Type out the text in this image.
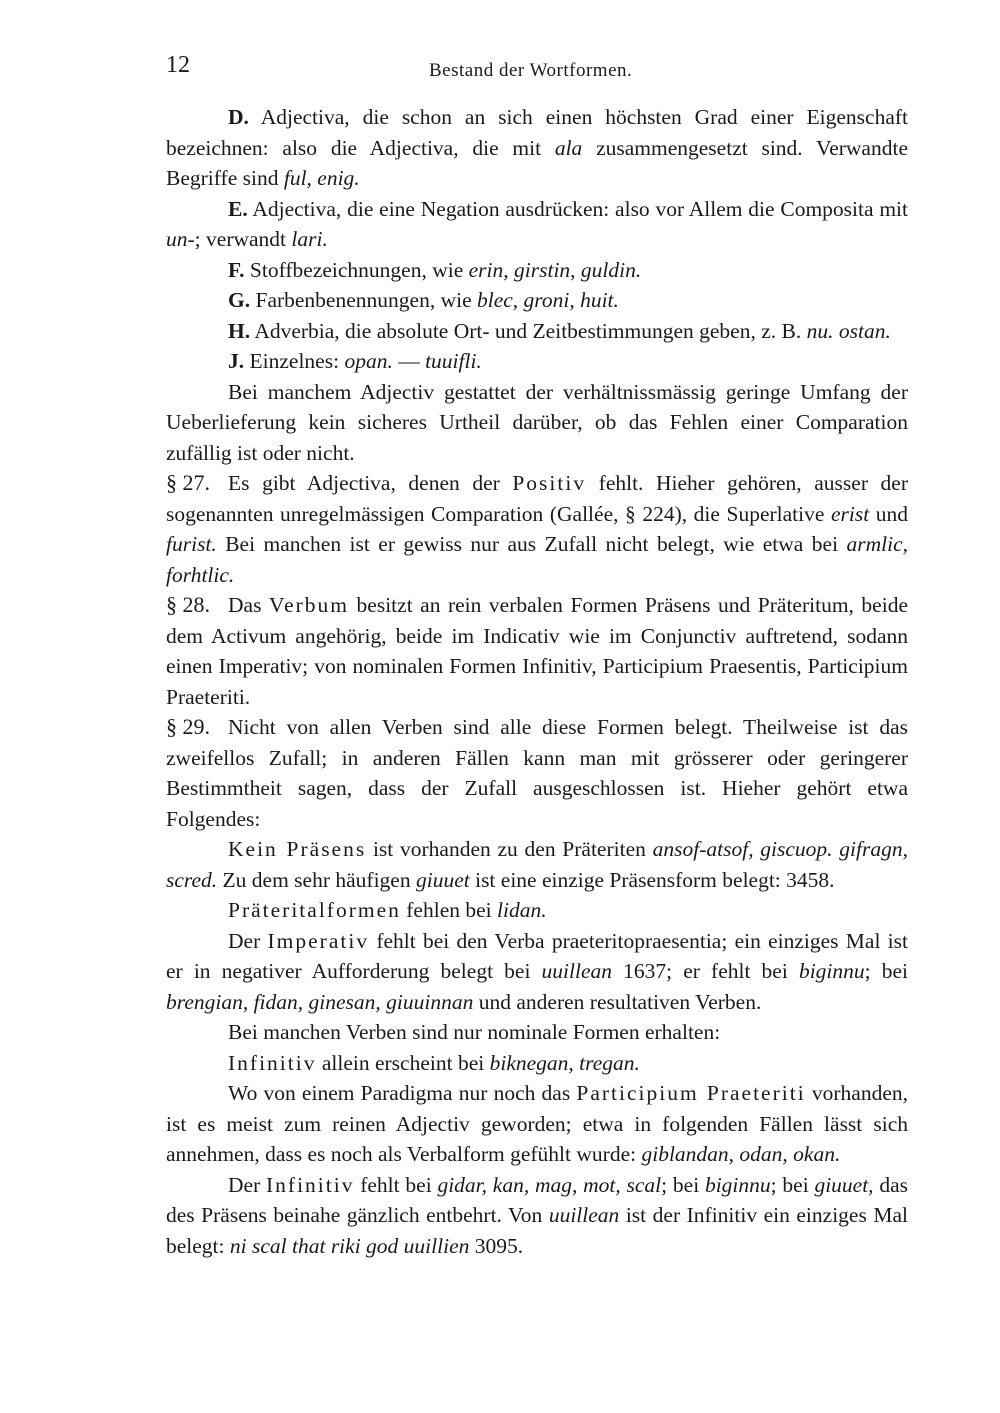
12	Bestand der Wortformen.

D. Adjectiva, die schon an sich einen höchsten Grad einer Eigenschaft bezeichnen: also die Adjectiva, die mit ala zusammengesetzt sind. Verwandte Begriffe sind ful, enig.

E. Adjectiva, die eine Negation ausdrücken: also vor Allem die Composita mit un-; verwandt lari.

F. Stoffbezeichnungen, wie erin, girstin, guldin.

G. Farbenbenennungen, wie blec, groni, huit.

H. Adverbia, die absolute Ort- und Zeitbestimmungen geben, z. B. nu. ostan.

J. Einzelnes: opan. — tuuifli.

Bei manchem Adjectiv gestattet der verhältnissmässig geringe Umfang der Ueberlieferung kein sicheres Urtheil darüber, ob das Fehlen einer Comparation zufällig ist oder nicht.

§ 27. Es gibt Adjectiva, denen der Positiv fehlt. Hieher gehören, ausser der sogenannten unregelmässigen Comparation (Gallée, § 224), die Superlative erist und furist. Bei manchen ist er gewiss nur aus Zufall nicht belegt, wie etwa bei armlic, forhtlic.

§ 28. Das Verbum besitzt an rein verbalen Formen Präsens und Präteritum, beide dem Activum angehörig, beide im Indicativ wie im Conjunctiv auftretend, sodann einen Imperativ; von nominalen Formen Infinitiv, Participium Praesentis, Participium Praeteriti.

§ 29. Nicht von allen Verben sind alle diese Formen belegt. Theilweise ist das zweifellos Zufall; in anderen Fällen kann man mit grösserer oder geringerer Bestimmtheit sagen, dass der Zufall ausgeschlossen ist. Hieher gehört etwa Folgendes:

Kein Präsens ist vorhanden zu den Präteriten ansof-atsof, giscuop. gifragn, scred. Zu dem sehr häufigen giuuet ist eine einzige Präsensform belegt: 3458.

Präteritalformen fehlen bei lidan.

Der Imperativ fehlt bei den Verba praeteritopraesentia; ein einziges Mal ist er in negativer Aufforderung belegt bei uuillean 1637; er fehlt bei biginnu; bei brengian, fidan, ginesan, giuuinnan und anderen resultativen Verben.

Bei manchen Verben sind nur nominale Formen erhalten:

Infinitiv allein erscheint bei biknegan, tregan.

Wo von einem Paradigma nur noch das Participium Praeteriti vorhanden, ist es meist zum reinen Adjectiv geworden; etwa in folgenden Fällen lässt sich annehmen, dass es noch als Verbalform gefühlt wurde: giblandan, odan, okan.

Der Infinitiv fehlt bei gidar, kan, mag, mot, scal; bei biginnu; bei giuuet, das des Präsens beinahe gänzlich entbehrt. Von uuillean ist der Infinitiv ein einziges Mal belegt: ni scal that riki god uuillien 3095.
